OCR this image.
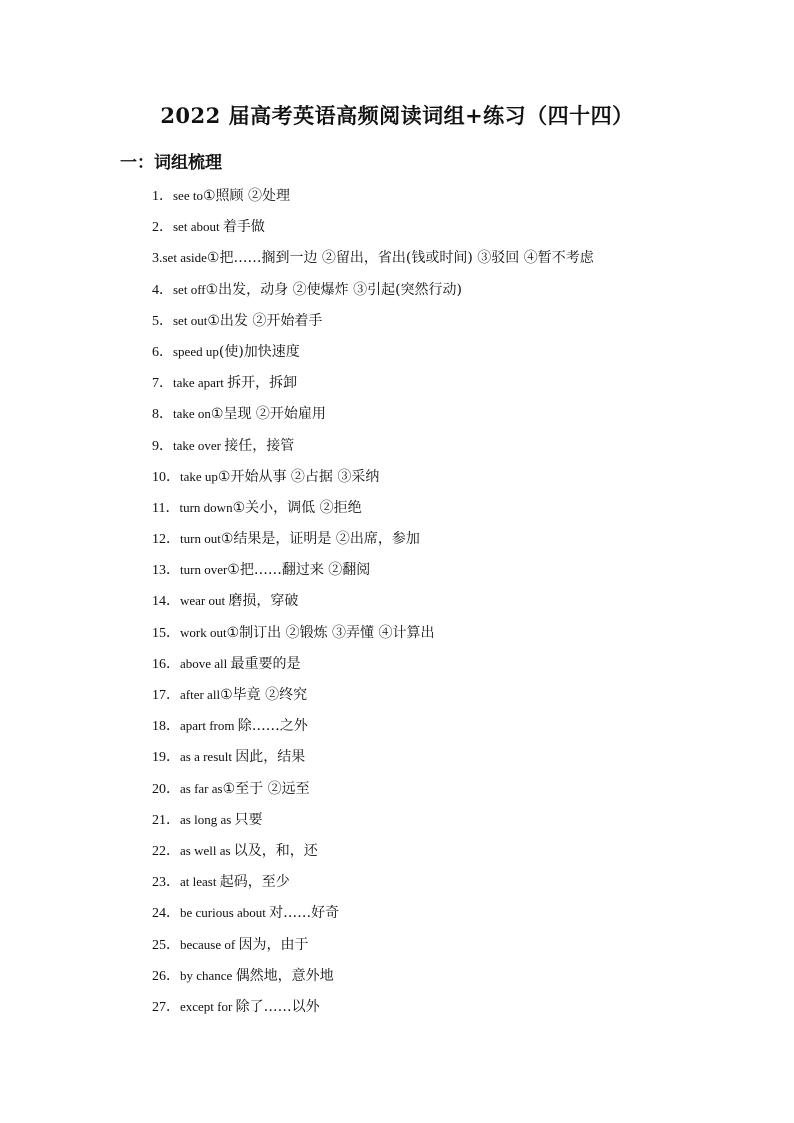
2022 届高考英语高频阅读词组+练习（四十四）
一：词组梳理
1．see to①照顾 ②处理
2．set about 着手做
3.set aside①把……搁到一边 ②留出，省出(钱或时间) ③驳回 ④暂不考虑
4．set off①出发，动身 ②使爆炸 ③引起(突然行动)
5．set out①出发 ②开始着手
6．speed up(使)加快速度
7．take apart 拆开，拆卸
8．take on①呈现 ②开始雇用
9．take over 接任，接管
10．take up①开始从事 ②占据 ③采纳
11．turn down①关小，调低 ②拒绝
12．turn out①结果是，证明是 ②出席，参加
13．turn over①把……翻过来 ②翻阅
14．wear out 磨损，穿破
15．work out①制订出 ②锻炼 ③弄懂 ④计算出
16．above all 最重要的是
17．after all①毕竟 ②终究
18．apart from 除……之外
19．as a result 因此，结果
20．as far as①至于 ②远至
21．as long as 只要
22．as well as 以及，和，还
23．at least 起码，至少
24．be curious about 对……好奇
25．because of 因为，由于
26．by chance 偶然地，意外地
27．except for 除了……以外
